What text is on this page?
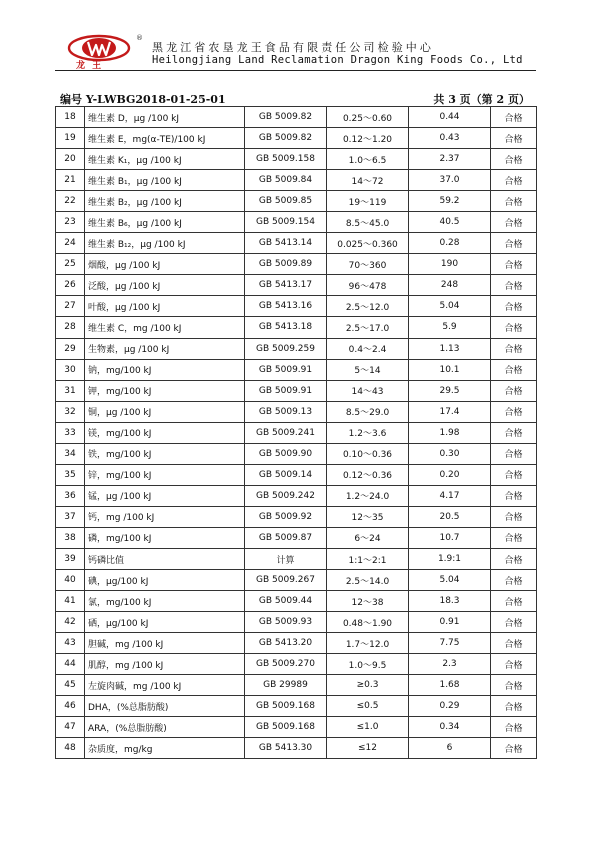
龙 王
®
黑龙江省农垦龙王食品有限责任公司检验中心
Heilongjiang Land Reclamation Dragon King Foods Co., Ltd
编号 Y-LWBG2018-01-25-01	共 3 页（第 2 页）
18	维生素 D，μg /100 kJ	GB 5009.82	0.25～0.60	0.44	合格
19	维生素 E，mg(α-TE)/100 kJ	GB 5009.82	0.12～1.20	0.43	合格
20	维生素 K₁，μg /100 kJ	GB 5009.158	1.0～6.5	2.37	合格
21	维生素 B₁，μg /100 kJ	GB 5009.84	14～72	37.0	合格
22	维生素 B₂，μg /100 kJ	GB 5009.85	19～119	59.2	合格
23	维生素 B₆，μg /100 kJ	GB 5009.154	8.5～45.0	40.5	合格
24	维生素 B₁₂，μg /100 kJ	GB 5413.14	0.025～0.360	0.28	合格
25	烟酸，μg /100 kJ	GB 5009.89	70～360	190	合格
26	泛酸，μg /100 kJ	GB 5413.17	96～478	248	合格
27	叶酸，μg /100 kJ	GB 5413.16	2.5～12.0	5.04	合格
28	维生素 C，mg /100 kJ	GB 5413.18	2.5～17.0	5.9	合格
29	生物素，μg /100 kJ	GB 5009.259	0.4～2.4	1.13	合格
30	钠，mg/100 kJ	GB 5009.91	5～14	10.1	合格
31	钾，mg/100 kJ	GB 5009.91	14～43	29.5	合格
32	铜，μg /100 kJ	GB 5009.13	8.5～29.0	17.4	合格
33	镁，mg/100 kJ	GB 5009.241	1.2～3.6	1.98	合格
34	铁，mg/100 kJ	GB 5009.90	0.10～0.36	0.30	合格
35	锌，mg/100 kJ	GB 5009.14	0.12～0.36	0.20	合格
36	锰，μg /100 kJ	GB 5009.242	1.2～24.0	4.17	合格
37	钙，mg /100 kJ	GB 5009.92	12～35	20.5	合格
38	磷，mg/100 kJ	GB 5009.87	6～24	10.7	合格
39	钙磷比值	计算	1:1～2:1	1.9:1	合格
40	碘，μg/100 kJ	GB 5009.267	2.5～14.0	5.04	合格
41	氯，mg/100 kJ	GB 5009.44	12～38	18.3	合格
42	硒，μg/100 kJ	GB 5009.93	0.48～1.90	0.91	合格
43	胆碱，mg /100 kJ	GB 5413.20	1.7～12.0	7.75	合格
44	肌醇，mg /100 kJ	GB 5009.270	1.0～9.5	2.3	合格
45	左旋肉碱，mg /100 kJ	GB 29989	≥0.3	1.68	合格
46	DHA，(%总脂肪酸)	GB 5009.168	≤0.5	0.29	合格
47	ARA，(%总脂肪酸)	GB 5009.168	≤1.0	0.34	合格
48	杂质度，mg/kg	GB 5413.30	≤12	6	合格
